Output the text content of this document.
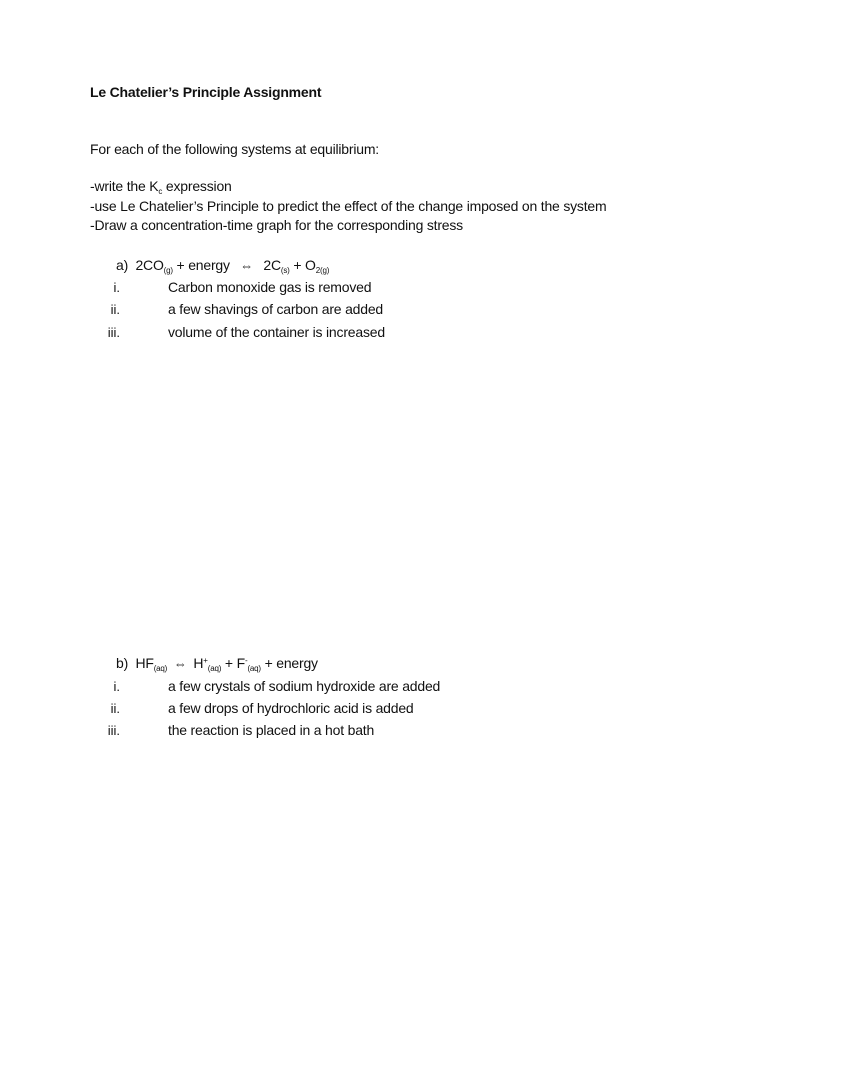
Le Chatelier’s Principle Assignment
For each of the following systems at equilibrium:
-write the $K_c$ expression
-use Le Chatelier’s Principle to predict the effect of the change imposed on the system
-Draw a concentration-time graph for the corresponding stress
a) $2CO_{(g)}$ + energy ⇔ $2C_{(s)} + O_{2(g)}$
i.	Carbon monoxide gas is removed
ii.	a few shavings of carbon are added
iii.	volume of the container is increased
b) $HF_{(aq)}$ ⇔ $H^+_{(aq)} + F^-_{(aq)}$ + energy
i.	a few crystals of sodium hydroxide are added
ii.	a few drops of hydrochloric acid is added
iii.	the reaction is placed in a hot bath
